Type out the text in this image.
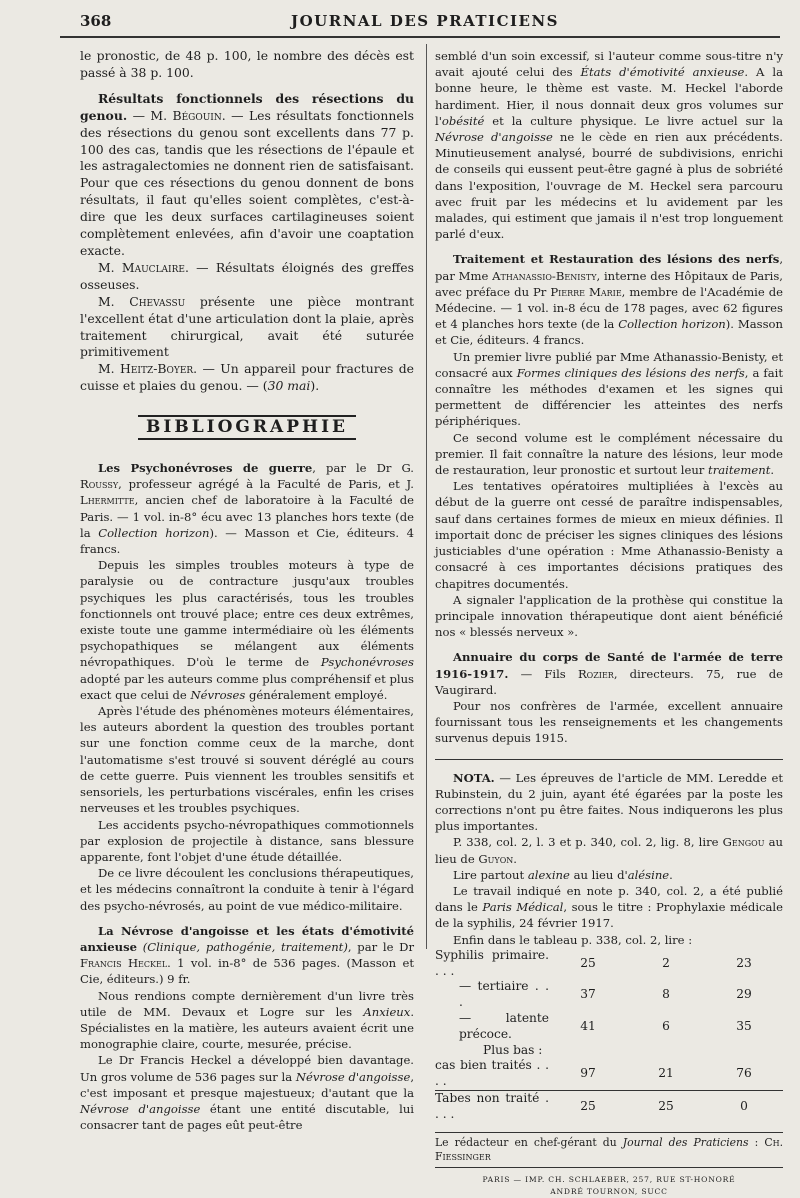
368	JOURNAL DES PRATICIENS

le pronostic, de 48 p. 100, le nombre des décès est passé à 38 p. 100.

Résultats fonctionnels des résections du genou. — M. Bégouin. — Les résultats fonctionnels des résections du genou sont excellents dans 77 p. 100 des cas, tandis que les résections de l'épaule et les astragalectomies ne donnent rien de satisfaisant. Pour que ces résections du genou donnent de bons résultats, il faut qu'elles soient complètes, c'est-à-dire que les deux surfaces cartilagineuses soient complètement enlevées, afin d'avoir une coaptation exacte.

M. Mauclaire. — Résultats éloignés des greffes osseuses.

M. Chevassu présente une pièce montrant l'excellent état d'une articulation dont la plaie, après traitement chirurgical, avait été suturée primitivement

M. Heitz-Boyer. — Un appareil pour fractures de cuisse et plaies du genou. — (30 mai).

BIBLIOGRAPHIE

Les Psychonévroses de guerre, par le Dr G. Roussy, professeur agrégé à la Faculté de Paris, et J. Lhermitte, ancien chef de laboratoire à la Faculté de Paris. — 1 vol. in-8° écu avec 13 planches hors texte (de la Collection horizon). — Masson et Cie, éditeurs. 4 francs.

Depuis les simples troubles moteurs à type de paralysie ou de contracture jusqu'aux troubles psychiques les plus caractérisés, tous les troubles fonctionnels ont trouvé place; entre ces deux extrêmes, existe toute une gamme intermédiaire où les éléments psychopathiques se mélangent aux éléments névropathiques. D'où le terme de Psychonévroses adopté par les auteurs comme plus compréhensif et plus exact que celui de Névroses généralement employé.

Après l'étude des phénomènes moteurs élémentaires, les auteurs abordent la question des troubles portant sur une fonction comme ceux de la marche, dont l'automatisme s'est trouvé si souvent déréglé au cours de cette guerre. Puis viennent les troubles sensitifs et sensoriels, les perturbations viscérales, enfin les crises nerveuses et les troubles psychiques.

Les accidents psycho-névropathiques commotionnels par explosion de projectile à distance, sans blessure apparente, font l'objet d'une étude détaillée.

De ce livre découlent les conclusions thérapeutiques, et les médecins connaîtront la conduite à tenir à l'égard des psycho-névrosés, au point de vue médico-militaire.

La Névrose d'angoisse et les états d'émotivité anxieuse (Clinique, pathogénie, traitement), par le Dr Francis Heckel. 1 vol. in-8° de 536 pages. (Masson et Cie, éditeurs.) 9 fr.

Nous rendions compte dernièrement d'un livre très utile de MM. Devaux et Logre sur les Anxieux. Spécialistes en la matière, les auteurs avaient écrit une monographie claire, courte, mesurée, précise.

Le Dr Francis Heckel a développé bien davantage. Un gros volume de 536 pages sur la Névrose d'angoisse, c'est imposant et presque majestueux; d'autant que la Névrose d'angoisse étant une entité discutable, lui consacrer tant de pages eût peut-être

semblé d'un soin excessif, si l'auteur comme sous-titre n'y avait ajouté celui des États d'émotivité anxieuse. A la bonne heure, le thème est vaste. M. Heckel l'aborde hardiment. Hier, il nous donnait deux gros volumes sur l'obésité et la culture physique. Le livre actuel sur la Névrose d'angoisse ne le cède en rien aux précédents. Minutieusement analysé, bourré de subdivisions, enrichi de conseils qui eussent peut-être gagné à plus de sobriété dans l'exposition, l'ouvrage de M. Heckel sera parcouru avec fruit par les médecins et lu avidement par les malades, qui estiment que jamais il n'est trop longuement parlé d'eux.

Traitement et Restauration des lésions des nerfs, par Mme Athanassio-Benisty, interne des Hôpitaux de Paris, avec préface du Pr Pierre Marie, membre de l'Académie de Médecine. — 1 vol. in-8 écu de 178 pages, avec 62 figures et 4 planches hors texte (de la Collection horizon). Masson et Cie, éditeurs. 4 francs.

Un premier livre publié par Mme Athanassio-Benisty, et consacré aux Formes cliniques des lésions des nerfs, a fait connaître les méthodes d'examen et les signes qui permettent de différencier les atteintes des nerfs périphériques.

Ce second volume est le complément nécessaire du premier. Il fait connaître la nature des lésions, leur mode de restauration, leur pronostic et surtout leur traitement.

Les tentatives opératoires multipliées à l'excès au début de la guerre ont cessé de paraître indispensables, sauf dans certaines formes de mieux en mieux définies. Il importait donc de préciser les signes cliniques des lésions justiciables d'une opération : Mme Athanassio-Benisty a consacré à ces importantes décisions pratiques des chapitres documentés.

A signaler l'application de la prothèse qui constitue la principale innovation thérapeutique dont aient bénéficié nos « blessés nerveux ».

Annuaire du corps de Santé de l'armée de terre 1916-1917. — Fils Rozier, directeurs. 75, rue de Vaugirard.

Pour nos confrères de l'armée, excellent annuaire fournissant tous les renseignements et les changements survenus depuis 1915.

NOTA. — Les épreuves de l'article de MM. Leredde et Rubinstein, du 2 juin, ayant été égarées par la poste les corrections n'ont pu être faites. Nous indiquerons les plus plus importantes.

P. 338, col. 2, l. 3 et p. 340, col. 2, lig. 8, lire Gengou au lieu de Guyon.

Lire partout alexine au lieu d'alésine.

Le travail indiqué en note p. 340, col. 2, a été publié dans le Paris Médical, sous le titre : Prophylaxie médicale de la syphilis, 24 février 1917.

Enfin dans le tableau p. 338, col. 2, lire :

Syphilis primaire. . . .	25	2	23
— tertiaire . . .	37	8	29
— latente précoce.	41	6	35
Plus bas :			
cas bien traités . . . .	97	21	76
Tabes non traité . . . .	25	25	0
Le rédacteur en chef-gérant du Journal des Praticiens : Ch. Fiessinger
PARIS — IMP. CH. SCHLAEBER, 257, RUE ST-HONORÉ
ANDRÉ TOURNON, SUCC
